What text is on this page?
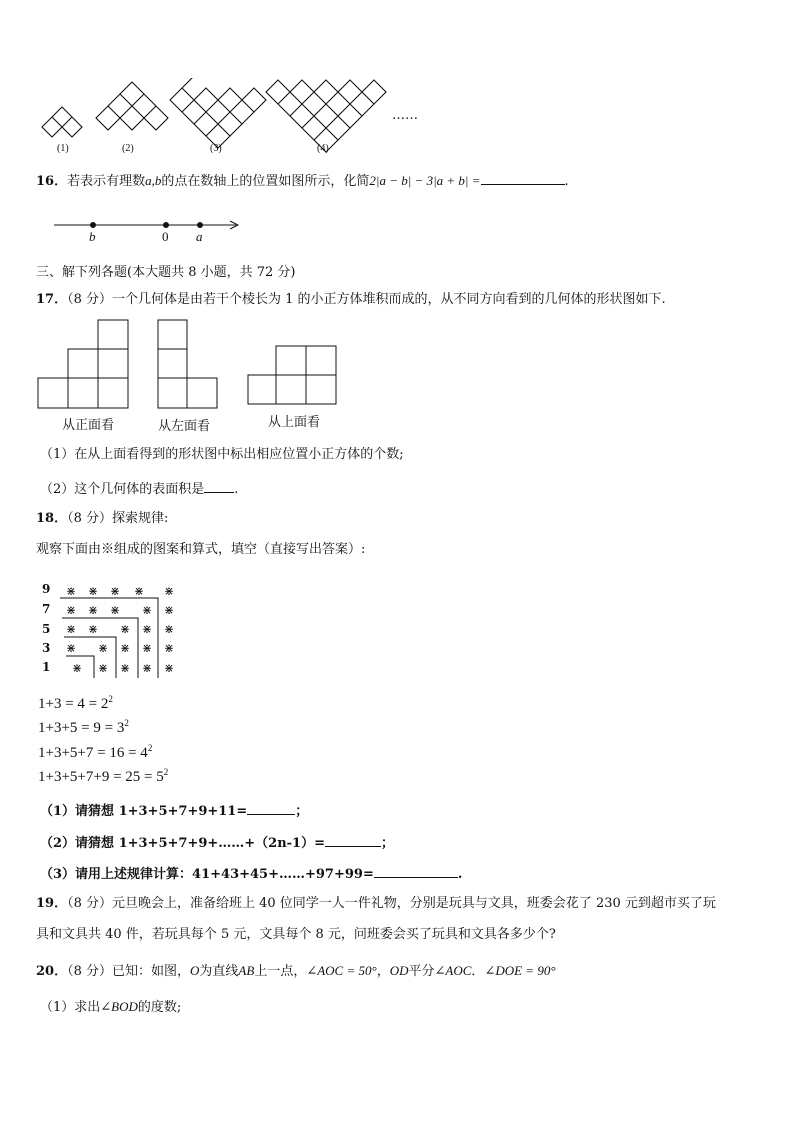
(1)	(2)	(3)	(4)
……
16．若表示有理数a,b的点在数轴上的位置如图所示，化简2|a − b| − 3|a + b| =	.
b	0 a
三、解下列各题(本大题共 8 小题，共 72 分)
17．（8 分）一个几何体是由若干个棱长为 1 的小正方体堆积而成的，从不同方向看到的几何体的形状图如下.
从正面看	从左面看	从上面看
（1）在从上面看得到的形状图中标出相应位置小正方体的个数;
（2）这个几何体的表面积是 .
18．（8 分）探索规律:
观察下面由※组成的图案和算式，填空（直接写出答案）:
9
7
5
3
1
⋇ ⋇ ⋇ ⋇ ⋇
⋇ ⋇ ⋇ ⋇ ⋇
⋇ ⋇ ⋇ ⋇ ⋇
⋇ ⋇ ⋇ ⋇ ⋇
⋇ ⋇ ⋇ ⋇ ⋇
$1+3 = 4 = 2^2$
$1+3+5 = 9 = 3^2$
$1+3+5+7 = 16 = 4^2$
$1+3+5+7+9 = 25 = 5^2$
（1）请猜想 1+3+5+7+9+11=	；
（2）请猜想 1+3+5+7+9+……+（2n-1）=	；
（3）请用上述规律计算：41+43+45+……+97+99=	.
19．（8 分）元旦晚会上，准备给班上 40 位同学一人一件礼物，分别是玩具与文具，班委会花了 230 元到超市买了玩
具和文具共 40 件，若玩具每个 5 元，文具每个 8 元，问班委会买了玩具和文具各多少个?
20．（8 分）已知：如图，O为直线AB上一点，∠AOC = 50°，OD平分∠AOC．∠DOE = 90°
（1）求出∠BOD的度数;
